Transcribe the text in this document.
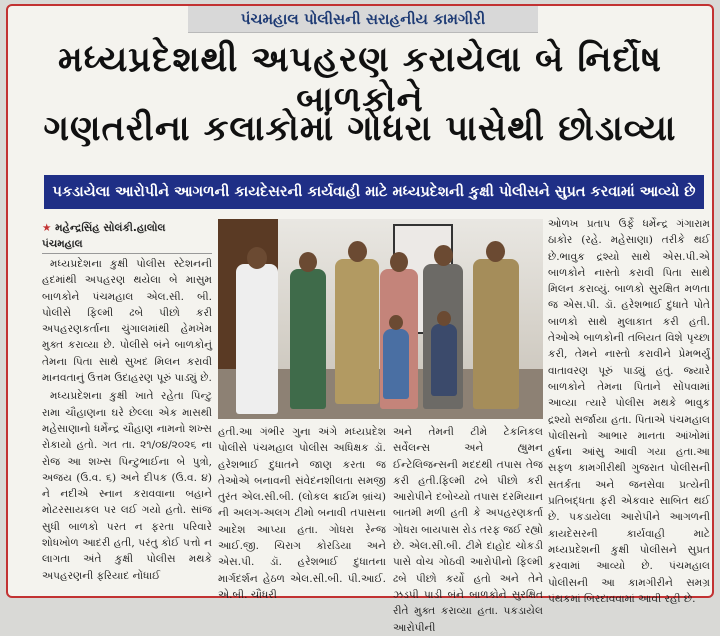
પંચમહાલ પોલીસની સરાહનીય કામગીરી
મધ્યપ્રદેશથી અપહરણ કરાયેલા બે નિર્દોષ બાળકોને
ગણતરીના કલાકોમાં ગોધરા પાસેથી છોડાવ્યા
પકડાયેલા આરોપીને આગળની કાયદેસરની કાર્યવાહી માટે મધ્યપ્રદેશની કુક્ષી પોલીસને સુપ્રત કરવામાં આવ્યો છે
★ મહેન્દ્રસિંહ સોલંકી.હાલોલ
પંચમહાલ

મધ્યપ્રદેશના કુક્ષી પોલીસ સ્ટેશનની હદમાંથી અપહરણ થયેલા બે માસુમ બાળકોને પંચમહાલ એલ.સી. બી. પોલીસે ફિલ્મી ઢબે પીછો કરી અપહરણકર્તાના ચુંગાલમાંથી હેમખેમ મુક્ત કરાવ્યા છે. પોલીસે બંને બાળકોનું તેમના પિતા સાથે સુખદ મિલન કરાવી માનવતાનું ઉત્તમ ઉદાહરણ પૂરું પાડ્યું છે.

મધ્યપ્રદેશના કુક્ષી ખાતે રહેતા પિન્ટુ રામા ચૌહાણના ઘરે છેલ્લા એક માસથી મહેસાણાનો ધર્મેન્દ્ર ચૌહાણ નામનો શખ્સ રોકાયો હતો. ગત તા. ૨૧/૦૪/૨૦૨૬ ના રોજ આ શખ્સ પિન્ટુભાઈના બે પુત્રો, અજય (ઉ.વ. ૬) અને દીપક (ઉ.વ. ૪) ને નદીએ સ્નાન કરાવવાના બહાને મોટરસાયકલ પર લઈ ગયો હતો. સાંજ સુધી બાળકો પરત ન ફરતા પરિવારે શોધખોળ આદરી હતી, પરંતુ કોઈ પત્તો ન લાગતા અંતે કુક્ષી પોલીસ મથકે અપહરણની ફરિયાદ નોંધાઈ

હતી.આ ગંભીર ગુના અંગે મધ્યપ્રદેશ પોલીસે પંચમહાલ પોલીસ અધિક્ષક ડૉ. હરેશભાઈ દુધાતને જાણ કરતા જ તેઓએ બનાવની સંવેદનશીલતા સમજી તુરંત એલ.સી.બી. (લોકલ ક્રાઈમ બ્રાંચ) ની અલગ-અલગ ટીમો બનાવી તપાસના આદેશ આપ્યા હતા. ગોધરા રેન્જ આઈ.જી. ચિરાગ કોરડિયા અને એસ.પી. ડૉ. હરેશભાઈ દુધાતના માર્ગદર્શન હેઠળ એલ.સી.બી. પી.આઈ. એ.બી. ચૌધરી

અને તેમની ટીમે ટેકનિકલ સર્વેલન્સ અને હ્યુમન ઈન્ટેલિજન્સની મદદથી તપાસ તેજ કરી હતી.ફિલ્મી ઢબે પીછો કરી આરોપીને દબોચ્યો તપાસ દરમિયાન બાતમી મળી હતી કે અપહરણકર્તા ગોધરા બાયપાસ રોડ તરફ જઈ રહ્યો છે. એલ.સી.બી. ટીમે દાહોદ ચોકડી પાસે વોચ ગોઠવી આરોપીનો ફિલ્મી ઢબે પીછો કર્યો હતો અને તેને ઝડપી પાડી બંને બાળકોને સુરક્ષિત રીતે મુક્ત કરાવ્યા હતા. પકડાયેલ આરોપીની

ઓળખ પ્રતાપ ઉર્ફે ધર્મેન્દ્ર ગંગારામ ઠાકોર (રહે. મહેસાણા) તરીકે થઈ છે.ભાવુક દ્રશ્યો સાથે એસ.પી.એ બાળકોને નાસ્તો કરાવી પિતા સાથે મિલન કરાવ્યું. બાળકો સુરક્ષિત મળતા જ એસ.પી. ડૉ. હરેશભાઈ દુધાતે પોતે બાળકો સાથે મુલાકાત કરી હતી. તેઓએ બાળકોની તબિયત વિશે પૃચ્છા કરી, તેમને નાસ્તો કરાવીને પ્રેમભર્યું વાતાવરણ પૂરું પાડ્યું હતું. જ્યારે બાળકોને તેમના પિતાને સોંપવામાં આવ્યા ત્યારે પોલીસ મથકે ભાવુક દ્રશ્યો સર્જાયા હતા. પિતાએ પંચમહાલ પોલીસનો આભાર માનતા આંખોમાં હર્ષના આંસુ આવી ગયા હતા.આ સફળ કામગીરીથી ગુજરાત પોલીસની સતર્કતા અને જનસેવા પ્રત્યેની પ્રતિબદ્ધતા ફરી એકવાર સાબિત થઈ છે. પકડાયેલા આરોપીને આગળની કાયદેસરની કાર્યવાહી માટે મધ્યપ્રદેશની કુક્ષી પોલીસને સુપ્રત કરવામાં આવ્યો છે. પંચમહાલ પોલીસની આ કામગીરીને સમગ્ર પંથકમાં બિરદાવવામાં આવી રહી છે.
